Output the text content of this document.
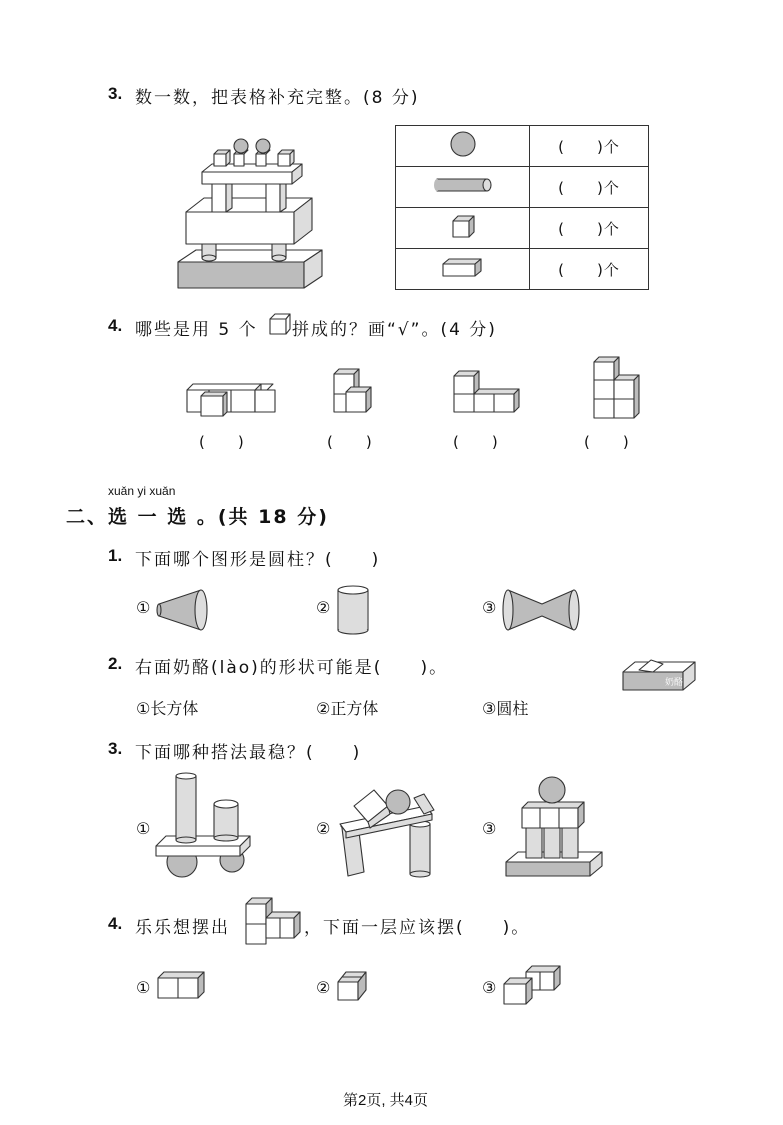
3. 数一数，把表格补充完整。(8 分)
	(　　)个
	(　　)个
	(　　)个
	(　　)个
4. 哪些是用 5 个 拼成的？画“√”。(4 分)
(　　)	(　　)	(　　)	(　　)
xuǎn yi xuǎn
二、选 一 选 。(共 18 分)
1. 下面哪个图形是圆柱？(　　)
①	②	③
2. 右面奶酪(lào)的形状可能是(　　)。
奶酪
①长方体	②正方体	③圆柱
3. 下面哪种搭法最稳？(　　)
①	②	③
4. 乐乐想摆出	，下面一层应该摆(　　)。
①	②	③
第2页, 共4页
